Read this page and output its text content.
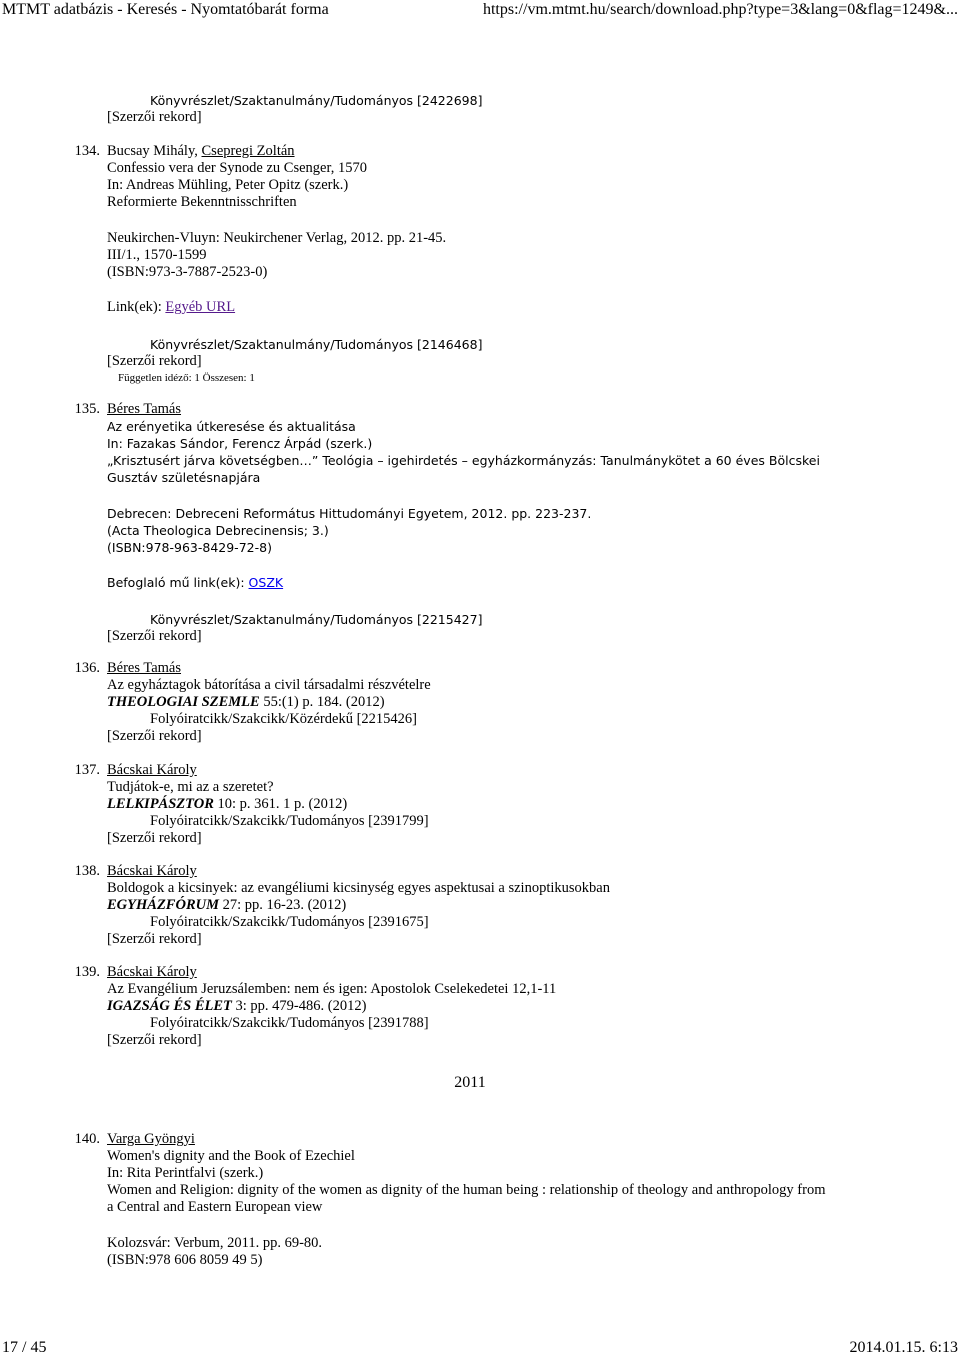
MTMT adatbázis - Keresés - Nyomtatóbarát forma	https://vm.mtmt.hu/search/download.php?type=3&lang=0&flag=1249&...
Könyvrészlet/Szaktanulmány/Tudományos [2422698]
[Szerzői rekord]
134. Bucsay Mihály, Csepregi Zoltán
Confessio vera der Synode zu Csenger, 1570
In: Andreas Mühling, Peter Opitz (szerk.)
Reformierte Bekenntnisschriften
Neukirchen-Vluyn: Neukirchener Verlag, 2012. pp. 21-45.
III/1., 1570-1599
(ISBN:973-3-7887-2523-0)
Link(ek): Egyéb URL
Könyvrészlet/Szaktanulmány/Tudományos [2146468]
[Szerzői rekord]
Független idéző: 1 Összesen: 1
135. Béres Tamás
Az erényetika útkeresése és aktualitása
In: Fazakas Sándor, Ferencz Árpád (szerk.)
„Krisztusért járva követségben…” Teológia – igehirdetés – egyházkormányzás: Tanulmánykötet a 60 éves Bölcskei
Gusztáv születésnapjára
Debrecen: Debreceni Református Hittudományi Egyetem, 2012. pp. 223-237.
(Acta Theologica Debrecinensis; 3.)
(ISBN:978-963-8429-72-8)
Befoglaló mű link(ek): OSZK
Könyvrészlet/Szaktanulmány/Tudományos [2215427]
[Szerzői rekord]
136. Béres Tamás
Az egyháztagok bátorítása a civil társadalmi részvételre
THEOLOGIAI SZEMLE 55:(1) p. 184. (2012)
Folyóiratcikk/Szakcikk/Közérdekű [2215426]
[Szerzői rekord]
137. Bácskai Károly
Tudjátok-e, mi az a szeretet?
LELKIPÁSZTOR 10: p. 361. 1 p. (2012)
Folyóiratcikk/Szakcikk/Tudományos [2391799]
[Szerzői rekord]
138. Bácskai Károly
Boldogok a kicsinyek: az evangéliumi kicsinység egyes aspektusai a szinoptikusokban
EGYHÁZFÓRUM 27: pp. 16-23. (2012)
Folyóiratcikk/Szakcikk/Tudományos [2391675]
[Szerzői rekord]
139. Bácskai Károly
Az Evangélium Jeruzsálemben: nem és igen: Apostolok Cselekedetei 12,1-11
IGAZSÁG ÉS ÉLET 3: pp. 479-486. (2012)
Folyóiratcikk/Szakcikk/Tudományos [2391788]
[Szerzői rekord]
2011
140. Varga Gyöngyi
Women's dignity and the Book of Ezechiel
In: Rita Perintfalvi (szerk.)
Women and Religion: dignity of the women as dignity of the human being : relationship of theology and anthropology from
a Central and Eastern European view
Kolozsvár: Verbum, 2011. pp. 69-80.
(ISBN:978 606 8059 49 5)
17 / 45	2014.01.15. 6:13
